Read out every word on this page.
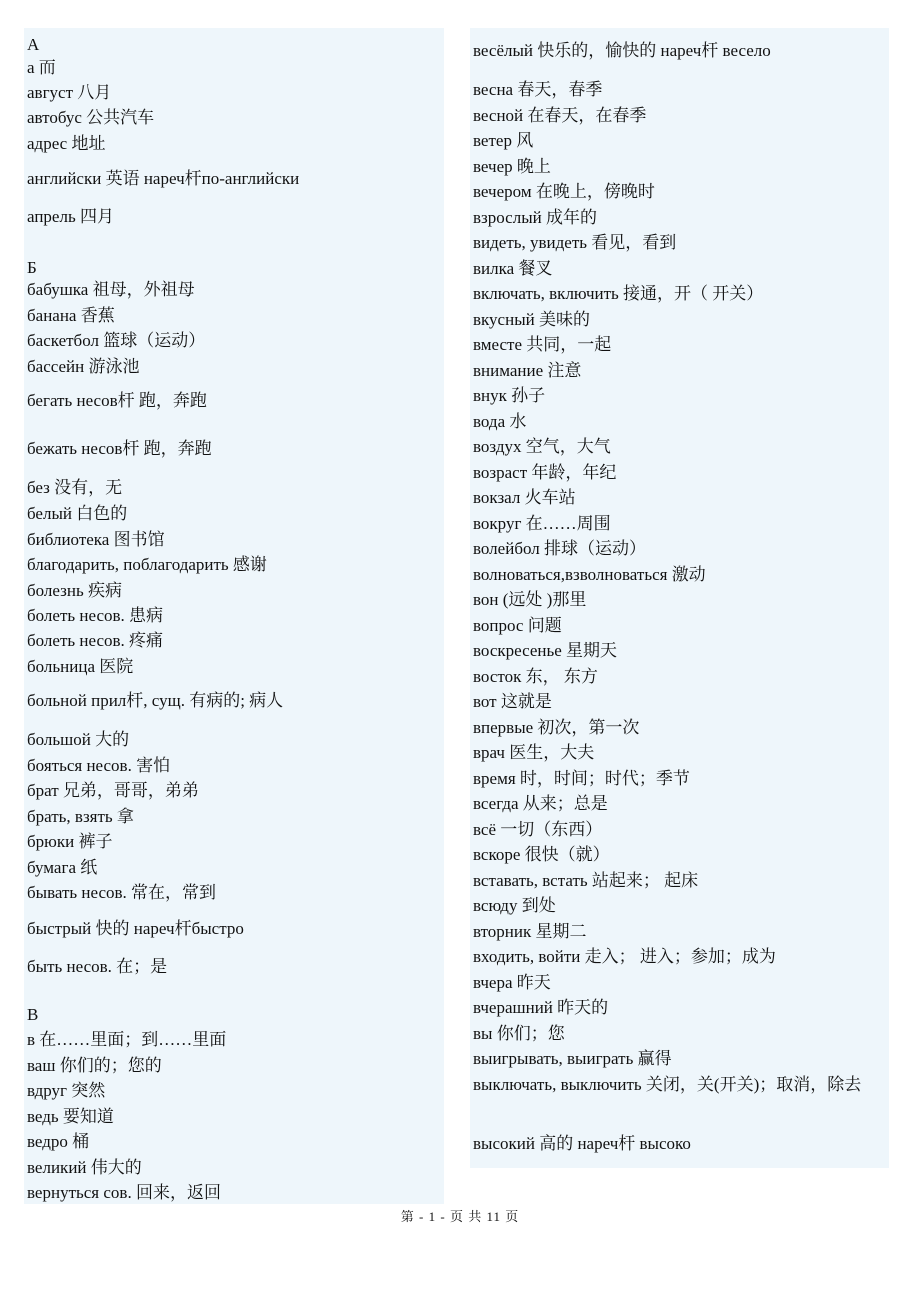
A
а 而
август 八月
автобус 公共汽车
адрес 地址
английски 英语 нареч杆по-английски
апрель 四月
Б
бабушка 祖母，外祖母
банана 香蕉
баскетбол 篮球（运动）
бассейн 游泳池
бегать несов杆 跑，奔跑
бежать несов杆 跑，奔跑
без 没有，无
белый 白色的
библиотека 图书馆
благодарить, поблагодарить 感谢
болезнь 疾病
болеть несов. 患病
болеть несов. 疼痛
больница 医院
больной прил杆, сущ. 有病的; 病人
большой 大的
бояться несов. 害怕
брат 兄弟，哥哥，弟弟
брать, взять 拿
брюки 裤子
бумага 纸
бывать несов. 常在，常到
быстрый 快的 нареч杆быстро
быть несов. 在；是
В
в 在……里面；到……里面
ваш 你们的；您的
вдруг 突然
ведь 要知道
ведро 桶
великий 伟大的
вернуться сов. 回来，返回
весёлый 快乐的，愉快的 нареч杆 весело
весна 春天，春季
весной 在春天，在春季
ветер 风
вечер 晚上
вечером 在晚上，傍晚时
взрослый 成年的
видеть, увидеть 看见，看到
вилка 餐叉
включать, включить 接通，开（ 开关）
вкусный 美味的
вместе 共同，一起
внимание 注意
внук 孙子
вода 水
воздух 空气，大气
возраст 年龄，年纪
вокзал 火车站
вокруг 在……周围
волейбол 排球（运动）
волноваться,взволноваться 激动
вон (远处 )那里
вопрос 问题
воскресенье 星期天
восток 东， 东方
вот 这就是
впервые 初次，第一次
врач 医生，大夫
время 时，时间；时代；季节
всегда 从来；总是
всё 一切（东西）
вскоре 很快（就）
вставать, встать 站起来； 起床
всюду 到处
вторник 星期二
входить, войти 走入； 进入；参加；成为
вчера 昨天
вчерашний 昨天的
вы 你们；您
выигрывать, выиграть 赢得
выключать, выключить 关闭，关(开关)；取消，除去
высокий 高的 нареч杆 высоко
第 - 1 - 页 共 11 页
